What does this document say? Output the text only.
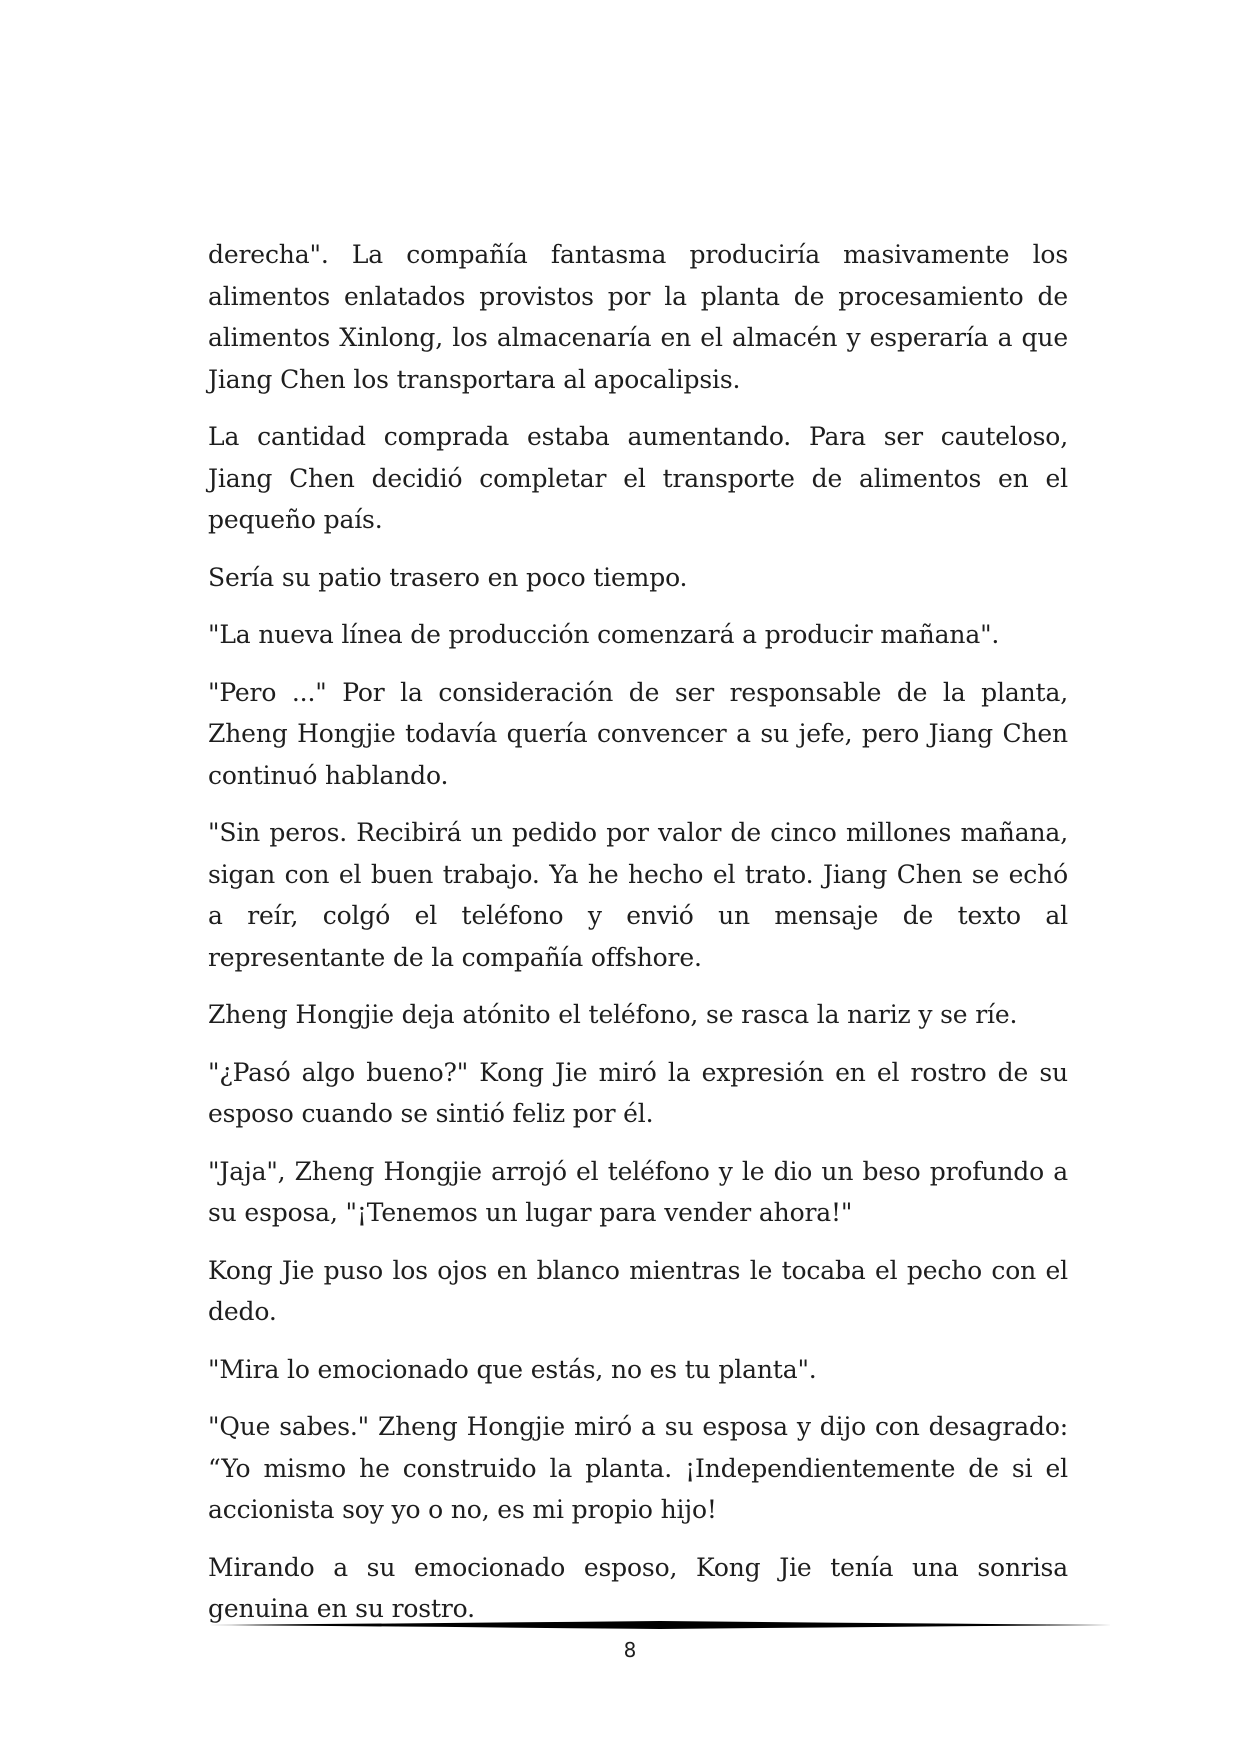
derecha". La compañía fantasma produciría masivamente los alimentos enlatados provistos por la planta de procesamiento de alimentos Xinlong, los almacenaría en el almacén y esperaría a que Jiang Chen los transportara al apocalipsis.

La cantidad comprada estaba aumentando. Para ser cauteloso, Jiang Chen decidió completar el transporte de alimentos en el pequeño país.

Sería su patio trasero en poco tiempo.

"La nueva línea de producción comenzará a producir mañana".

"Pero ..." Por la consideración de ser responsable de la planta, Zheng Hongjie todavía quería convencer a su jefe, pero Jiang Chen continuó hablando.

"Sin peros. Recibirá un pedido por valor de cinco millones mañana, sigan con el buen trabajo. Ya he hecho el trato. Jiang Chen se echó a reír, colgó el teléfono y envió un mensaje de texto al representante de la compañía offshore.

Zheng Hongjie deja atónito el teléfono, se rasca la nariz y se ríe.

"¿Pasó algo bueno?" Kong Jie miró la expresión en el rostro de su esposo cuando se sintió feliz por él.

"Jaja", Zheng Hongjie arrojó el teléfono y le dio un beso profundo a su esposa, "¡Tenemos un lugar para vender ahora!"

Kong Jie puso los ojos en blanco mientras le tocaba el pecho con el dedo.

"Mira lo emocionado que estás, no es tu planta".

"Que sabes." Zheng Hongjie miró a su esposa y dijo con desagrado: “Yo mismo he construido la planta. ¡Independientemente de si el accionista soy yo o no, es mi propio hijo!

Mirando a su emocionado esposo, Kong Jie tenía una sonrisa genuina en su rostro.

8
